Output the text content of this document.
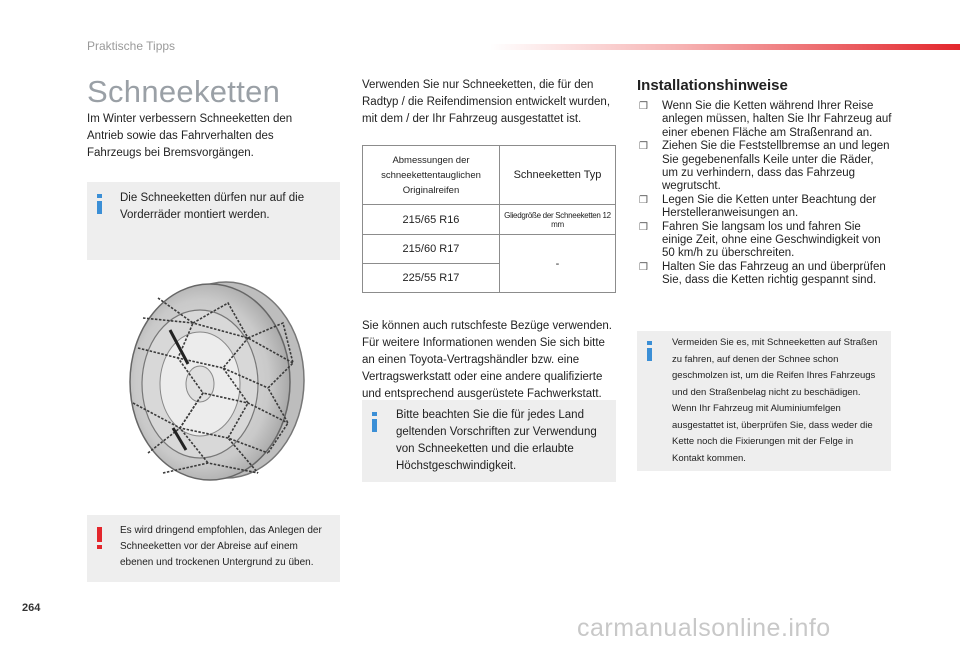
Praktische Tipps
Schneeketten
Im Winter verbessern Schneeketten den Antrieb sowie das Fahrverhalten des Fahrzeugs bei Bremsvorgängen.
Die Schneeketten dürfen nur auf die Vorderräder montiert werden.
Es wird dringend empfohlen, das Anlegen der Schneeketten vor der Abreise auf einem ebenen und trockenen Untergrund zu üben.
Verwenden Sie nur Schneeketten, die für den Radtyp / die Reifendimension entwickelt wurden, mit dem / der Ihr Fahrzeug ausgestattet ist.
Abmessungen der schneekettentauglichen Originalreifen	Schneeketten Typ
215/65 R16	Gliedgröße der Schneeketten 12 mm
215/60 R17	-
225/55 R17	
Sie können auch rutschfeste Bezüge verwenden. Für weitere Informationen wenden Sie sich bitte an einen Toyota-Vertragshändler bzw. eine Vertragswerkstatt oder eine andere qualifizierte und entsprechend ausgerüstete Fachwerkstatt.
Bitte beachten Sie die für jedes Land geltenden Vorschriften zur Verwendung von Schneeketten und die erlaubte Höchstgeschwindigkeit.
Installationshinweise
❒ Wenn Sie die Ketten während Ihrer Reise anlegen müssen, halten Sie Ihr Fahrzeug auf einer ebenen Fläche am Straßenrand an.
❒ Ziehen Sie die Feststellbremse an und legen Sie gegebenenfalls Keile unter die Räder, um zu verhindern, dass das Fahrzeug wegrutscht.
❒ Legen Sie die Ketten unter Beachtung der Herstelleranweisungen an.
❒ Fahren Sie langsam los und fahren Sie einige Zeit, ohne eine Geschwindigkeit von 50 km/h zu überschreiten.
❒ Halten Sie das Fahrzeug an und überprüfen Sie, dass die Ketten richtig gespannt sind.
Vermeiden Sie es, mit Schneeketten auf Straßen zu fahren, auf denen der Schnee schon geschmolzen ist, um die Reifen Ihres Fahrzeugs und den Straßenbelag nicht zu beschädigen. Wenn Ihr Fahrzeug mit Aluminiumfelgen ausgestattet ist, überprüfen Sie, dass weder die Kette noch die Fixierungen mit der Felge in Kontakt kommen.
264
carmanualsonline.info
